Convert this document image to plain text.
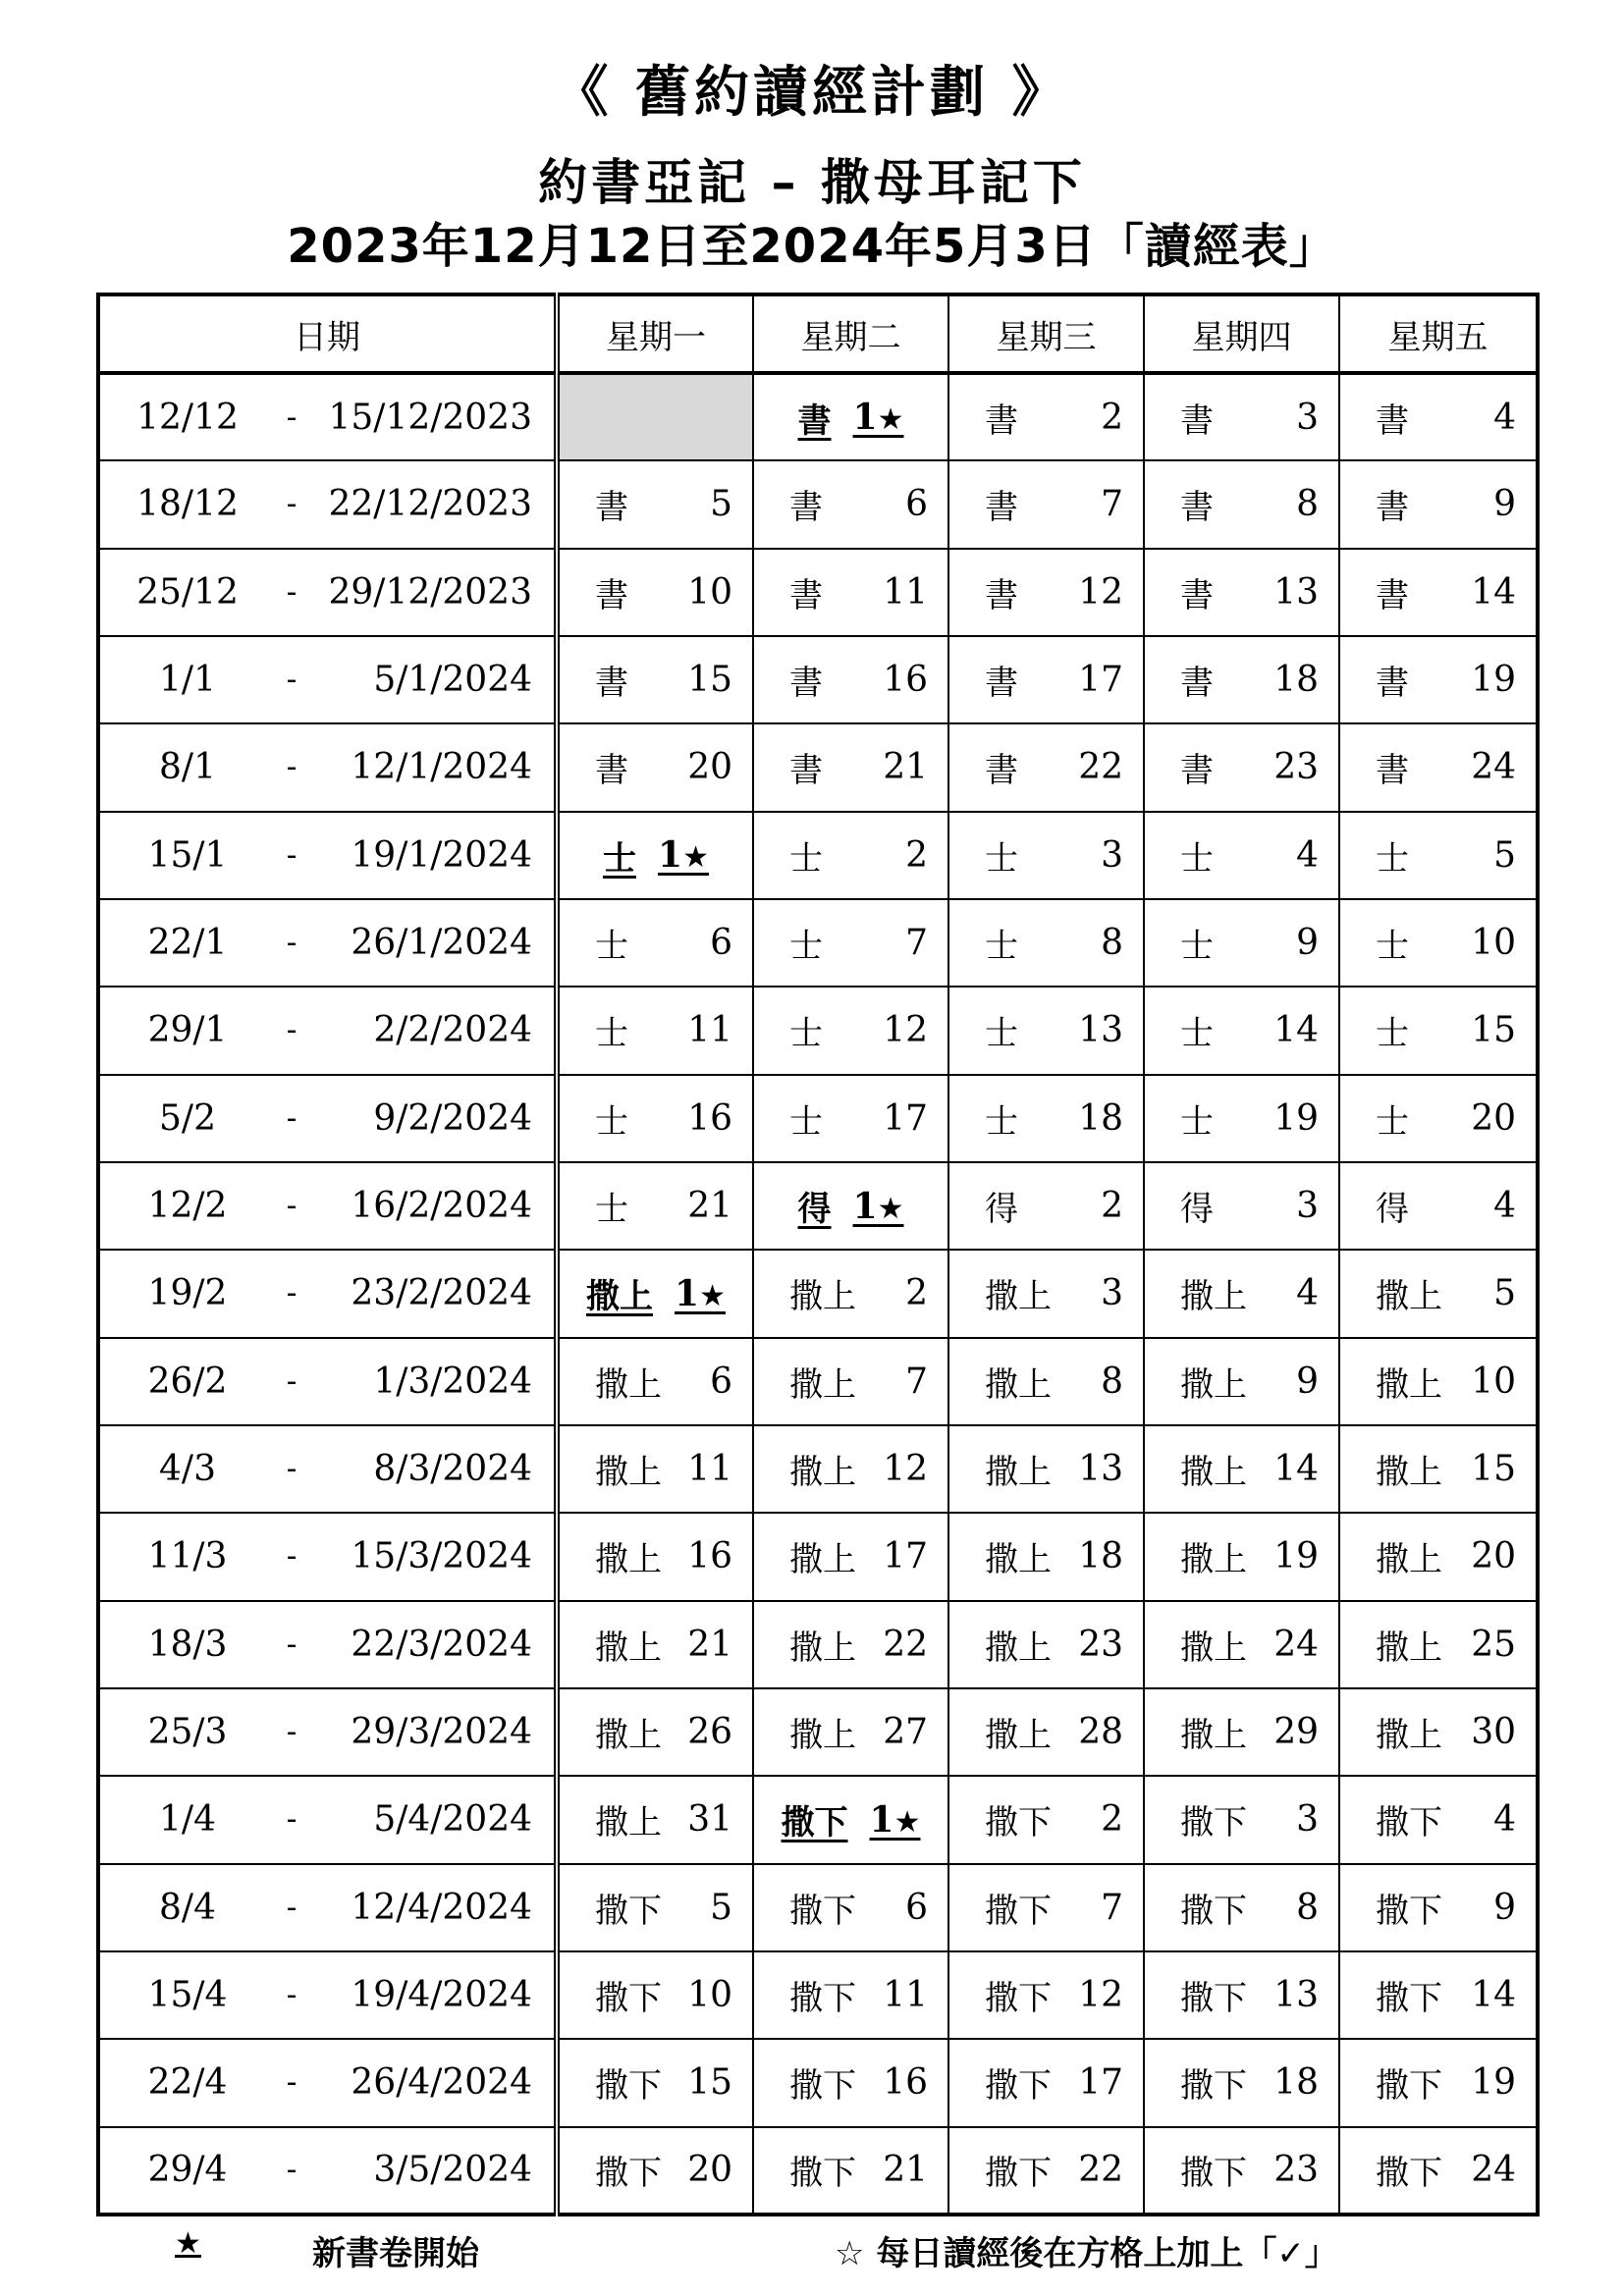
《 舊約讀經計劃 》
約書亞記 – 撒母耳記下
2023年12月12日至2024年5月3日「讀經表」
日期	星期一	星期二	星期三	星期四	星期五

12/12 - 15/12/2023		書 1★	書 2	書 3	書 4

18/12 - 22/12/2023	書 5	書 6	書 7	書 8	書 9

25/12 - 29/12/2023	書 10	書 11	書 12	書 13	書 14

1/1 - 5/1/2024	書 15	書 16	書 17	書 18	書 19

8/1 - 12/1/2024	書 20	書 21	書 22	書 23	書 24

15/1 - 19/1/2024	士 1★	士 2	士 3	士 4	士 5

22/1 - 26/1/2024	士 6	士 7	士 8	士 9	士 10

29/1 - 2/2/2024	士 11	士 12	士 13	士 14	士 15

5/2 - 9/2/2024	士 16	士 17	士 18	士 19	士 20

12/2 - 16/2/2024	士 21	得 1★	得 2	得 3	得 4

19/2 - 23/2/2024	撒上 1★	撒上 2	撒上 3	撒上 4	撒上 5

26/2 - 1/3/2024	撒上 6	撒上 7	撒上 8	撒上 9	撒上 10

4/3 - 8/3/2024	撒上 11	撒上 12	撒上 13	撒上 14	撒上 15

11/3 - 15/3/2024	撒上 16	撒上 17	撒上 18	撒上 19	撒上 20

18/3 - 22/3/2024	撒上 21	撒上 22	撒上 23	撒上 24	撒上 25

25/3 - 29/3/2024	撒上 26	撒上 27	撒上 28	撒上 29	撒上 30

1/4 - 5/4/2024	撒上 31	撒下 1★	撒下 2	撒下 3	撒下 4

8/4 - 12/4/2024	撒下 5	撒下 6	撒下 7	撒下 8	撒下 9

15/4 - 19/4/2024	撒下 10	撒下 11	撒下 12	撒下 13	撒下 14

22/4 - 26/4/2024	撒下 15	撒下 16	撒下 17	撒下 18	撒下 19

29/4 - 3/5/2024	撒下 20	撒下 21	撒下 22	撒下 23	撒下 24
★	新書卷開始	☆ 每日讀經後在方格上加上「✓」
